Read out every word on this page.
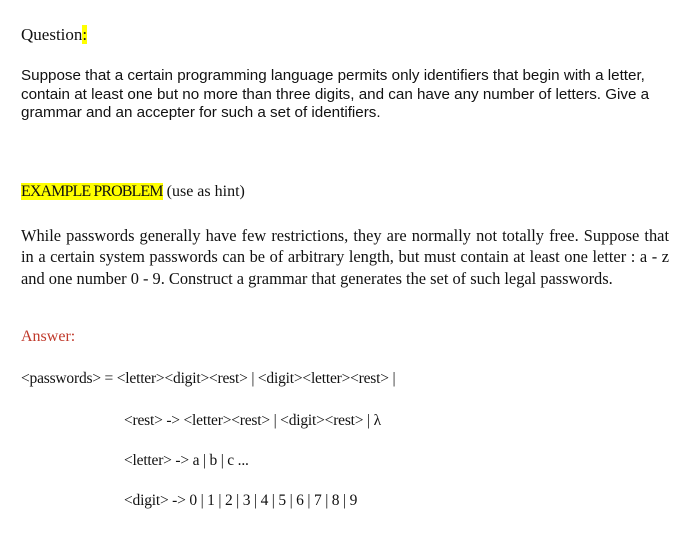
Question:
Suppose that a certain programming language permits only identifiers that begin with a letter, contain at least one but no more than three digits, and can have any number of letters. Give a grammar and an accepter for such a set of identifiers.
EXAMPLE PROBLEM (use as hint)
While passwords generally have few restrictions, they are normally not totally free. Suppose that in a certain system passwords can be of arbitrary length, but must contain at least one letter : a - z and one number 0 - 9. Construct a grammar that generates the set of such legal passwords.
Answer:
<passwords> = <letter><digit><rest> | <digit><letter><rest> |
<rest> -> <letter><rest> | <digit><rest> | λ
<letter> -> a | b | c ...
<digit> -> 0 | 1 | 2 | 3 | 4 | 5 | 6 | 7 | 8 | 9
